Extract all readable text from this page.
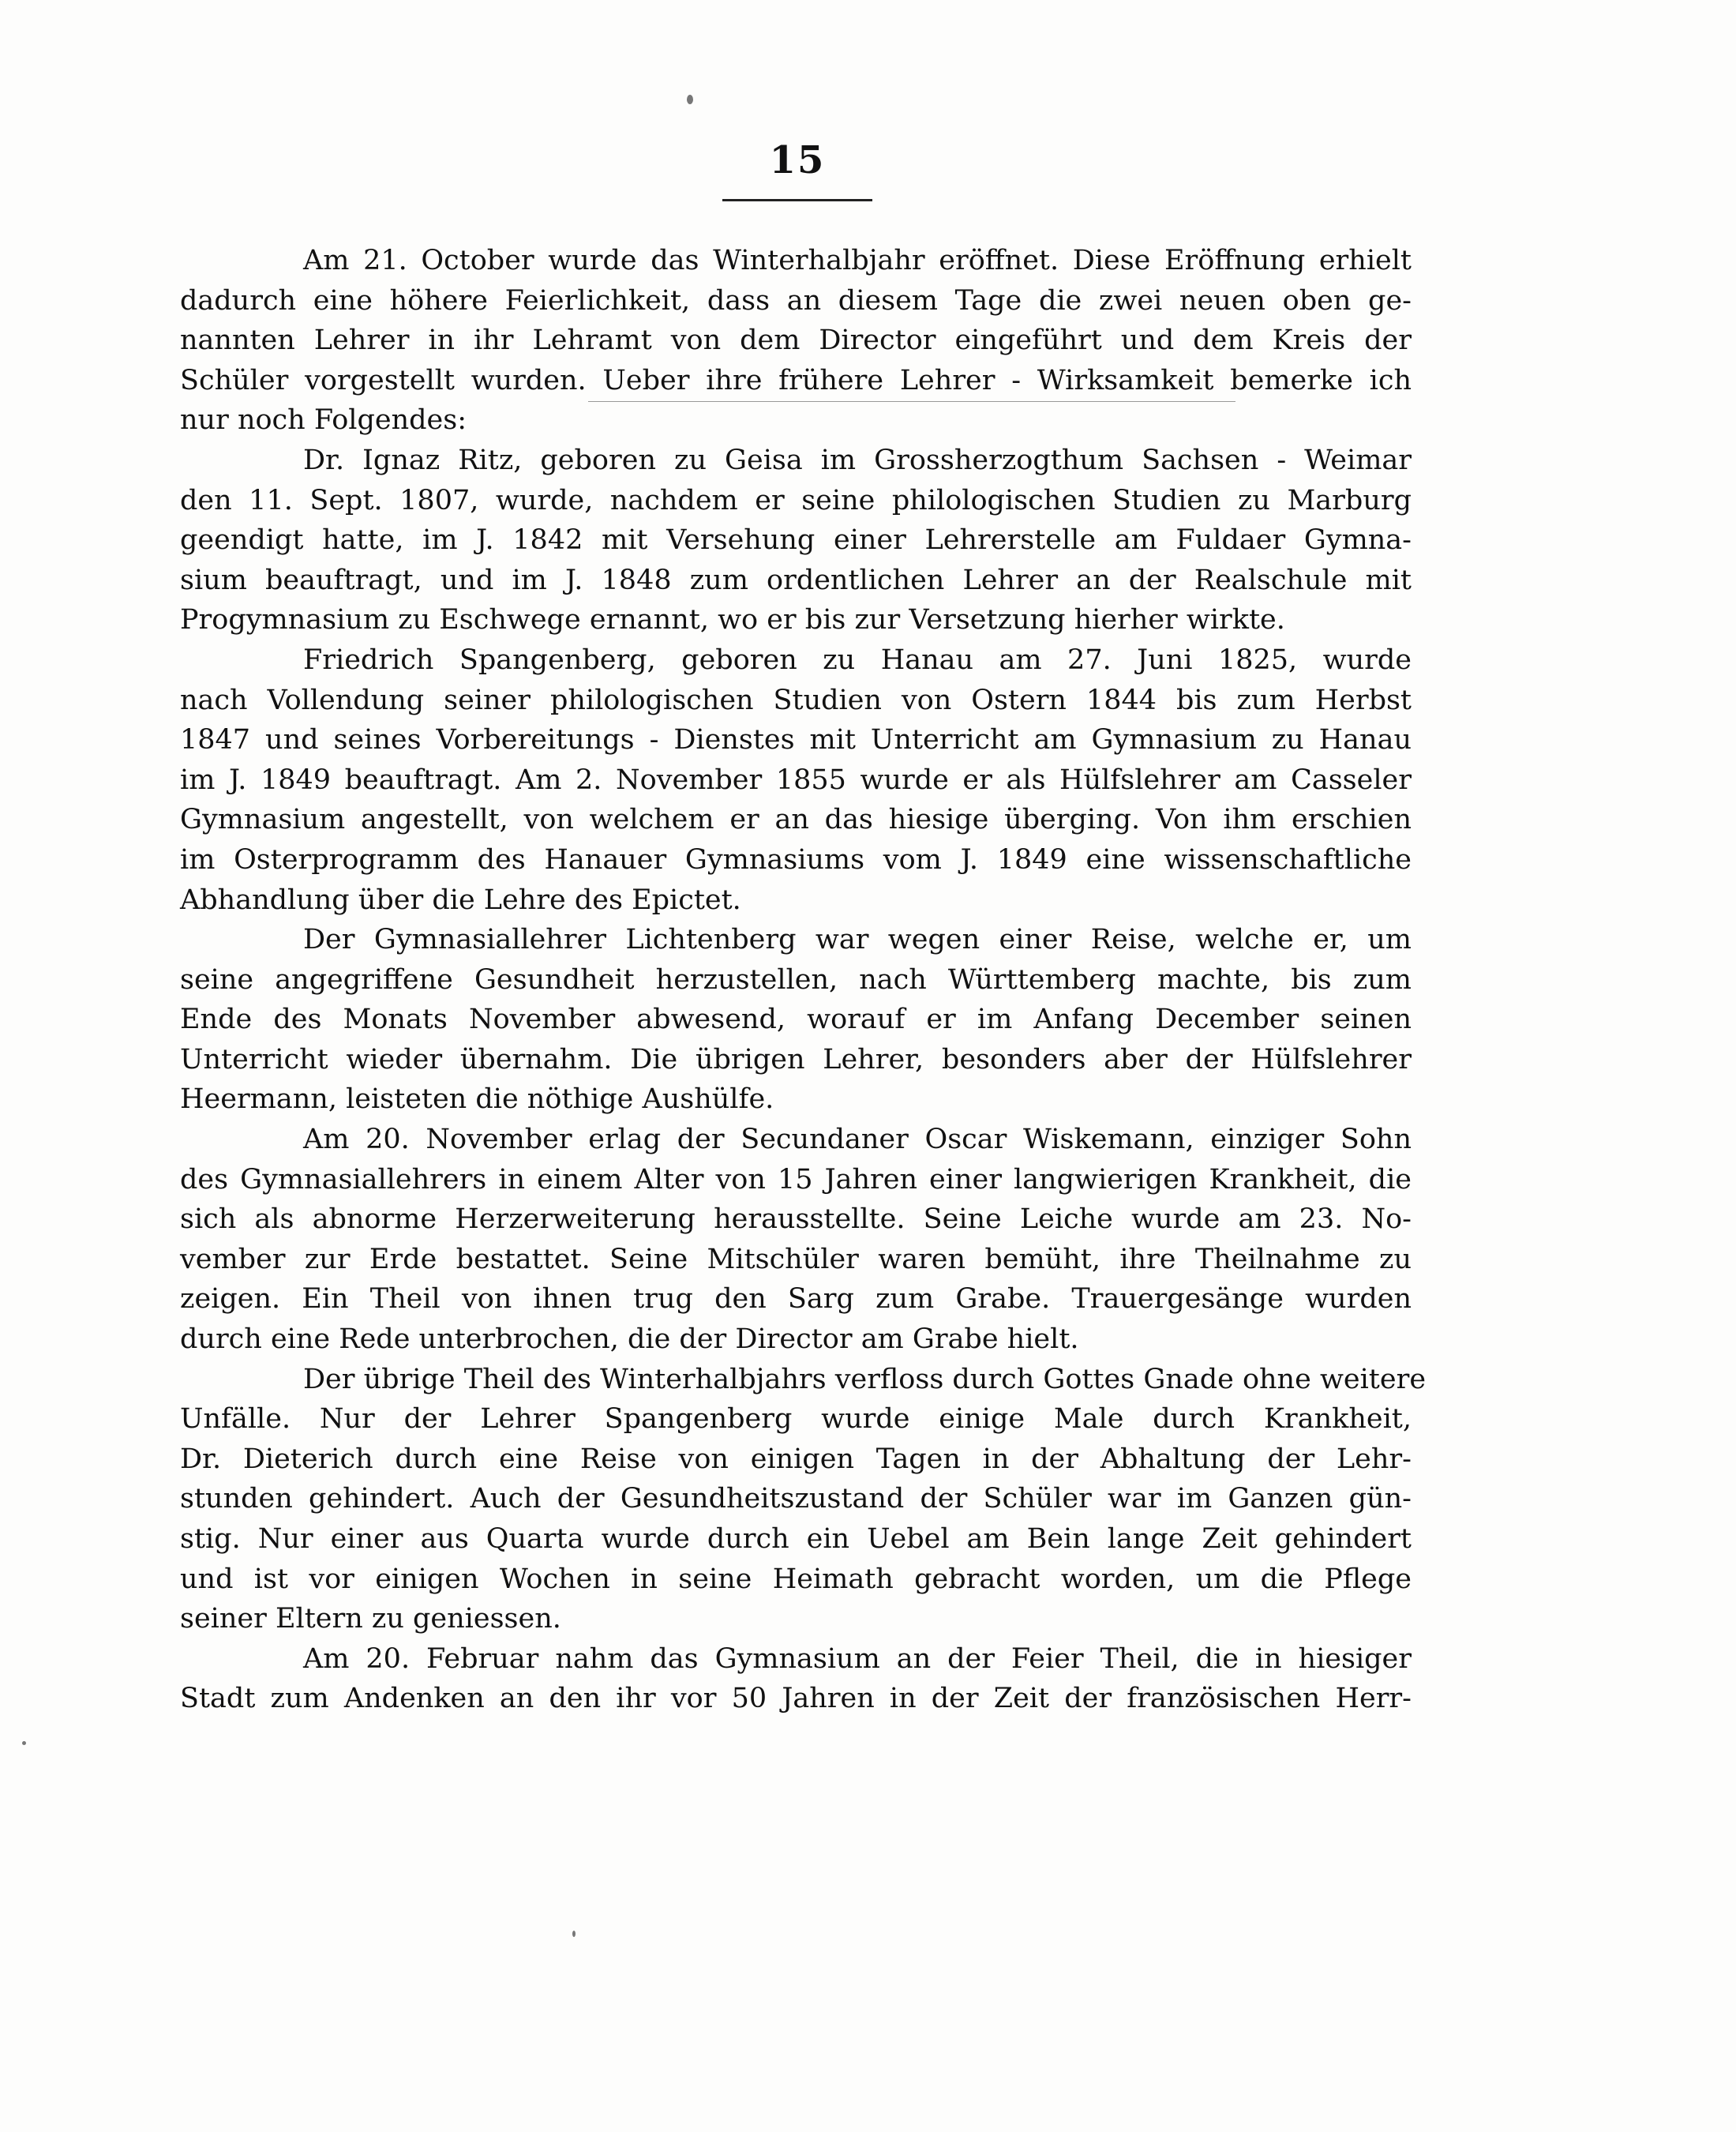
15
Am 21. October wurde das Winterhalbjahr eröffnet. Diese Eröffnung erhielt
dadurch eine höhere Feierlichkeit, dass an diesem Tage die zwei neuen oben ge-
nannten Lehrer in ihr Lehramt von dem Director eingeführt und dem Kreis der
Schüler vorgestellt wurden. Ueber ihre frühere Lehrer - Wirksamkeit bemerke ich
nur noch Folgendes:
Dr. Ignaz Ritz, geboren zu Geisa im Grossherzogthum Sachsen - Weimar
den 11. Sept. 1807, wurde, nachdem er seine philologischen Studien zu Marburg
geendigt hatte, im J. 1842 mit Versehung einer Lehrerstelle am Fuldaer Gymna-
sium beauftragt, und im J. 1848 zum ordentlichen Lehrer an der Realschule mit
Progymnasium zu Eschwege ernannt, wo er bis zur Versetzung hierher wirkte.
Friedrich Spangenberg, geboren zu Hanau am 27. Juni 1825, wurde
nach Vollendung seiner philologischen Studien von Ostern 1844 bis zum Herbst
1847 und seines Vorbereitungs - Dienstes mit Unterricht am Gymnasium zu Hanau
im J. 1849 beauftragt. Am 2. November 1855 wurde er als Hülfslehrer am Casseler
Gymnasium angestellt, von welchem er an das hiesige überging. Von ihm erschien
im Osterprogramm des Hanauer Gymnasiums vom J. 1849 eine wissenschaftliche
Abhandlung über die Lehre des Epictet.
Der Gymnasiallehrer Lichtenberg war wegen einer Reise, welche er, um
seine angegriffene Gesundheit herzustellen, nach Württemberg machte, bis zum
Ende des Monats November abwesend, worauf er im Anfang December seinen
Unterricht wieder übernahm. Die übrigen Lehrer, besonders aber der Hülfslehrer
Heermann, leisteten die nöthige Aushülfe.
Am 20. November erlag der Secundaner Oscar Wiskemann, einziger Sohn
des Gymnasiallehrers in einem Alter von 15 Jahren einer langwierigen Krankheit, die
sich als abnorme Herzerweiterung herausstellte. Seine Leiche wurde am 23. No-
vember zur Erde bestattet. Seine Mitschüler waren bemüht, ihre Theilnahme zu
zeigen. Ein Theil von ihnen trug den Sarg zum Grabe. Trauergesänge wurden
durch eine Rede unterbrochen, die der Director am Grabe hielt.
Der übrige Theil des Winterhalbjahrs verfloss durch Gottes Gnade ohne weitere
Unfälle. Nur der Lehrer Spangenberg wurde einige Male durch Krankheit,
Dr. Dieterich durch eine Reise von einigen Tagen in der Abhaltung der Lehr-
stunden gehindert. Auch der Gesundheitszustand der Schüler war im Ganzen gün-
stig. Nur einer aus Quarta wurde durch ein Uebel am Bein lange Zeit gehindert
und ist vor einigen Wochen in seine Heimath gebracht worden, um die Pflege
seiner Eltern zu geniessen.
Am 20. Februar nahm das Gymnasium an der Feier Theil, die in hiesiger
Stadt zum Andenken an den ihr vor 50 Jahren in der Zeit der französischen Herr-
